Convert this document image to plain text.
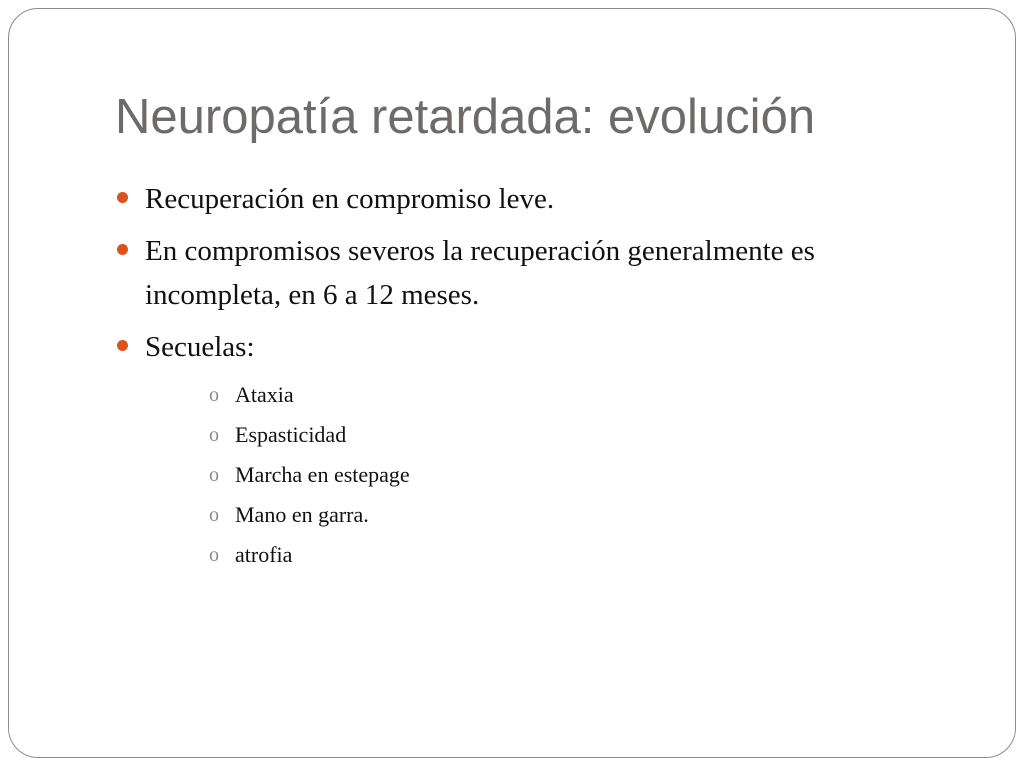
Neuropatía retardada: evolución
Recuperación en compromiso leve.
En compromisos severos la recuperación generalmente es incompleta, en 6 a 12 meses.
Secuelas:
o Ataxia
o Espasticidad
o Marcha en estepage
o Mano en garra.
o atrofia
